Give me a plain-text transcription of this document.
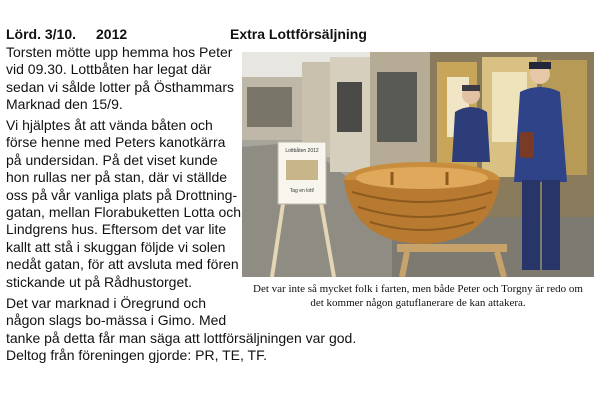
Lörd. 3/10. 2012	Extra Lottförsäljning

Torsten mötte upp hemma hos Peter
vid 09.30. Lottbåten har legat där
sedan vi sålde lotter på Östhammars
Marknad den 15/9.

Vi hjälptes åt att vända båten och
förse henne med Peters kanotkärra
på undersidan. På det viset kunde
hon rullas ner på stan, där vi ställde
oss på vår vanliga plats på Drottning-
gatan, mellan Florabuketten Lotta och
Lindgrens hus. Eftersom det var lite
kallt att stå i skuggan följde vi solen
nedåt gatan, för att avsluta med fören
stickande ut på Rådhustorget.

Det var marknad i Öregrund och
någon slags bo-mässa i Gimo. Med
tanke på detta får man säga att lottförsäljningen var god.
Deltog från föreningen gjorde: PR, TE, TF.

Lottbåten 2012
Tag en lott!

Det var inte så mycket folk i farten, men både Peter och Torgny är redo om
det kommer någon gatuflanerare de kan attakera.
